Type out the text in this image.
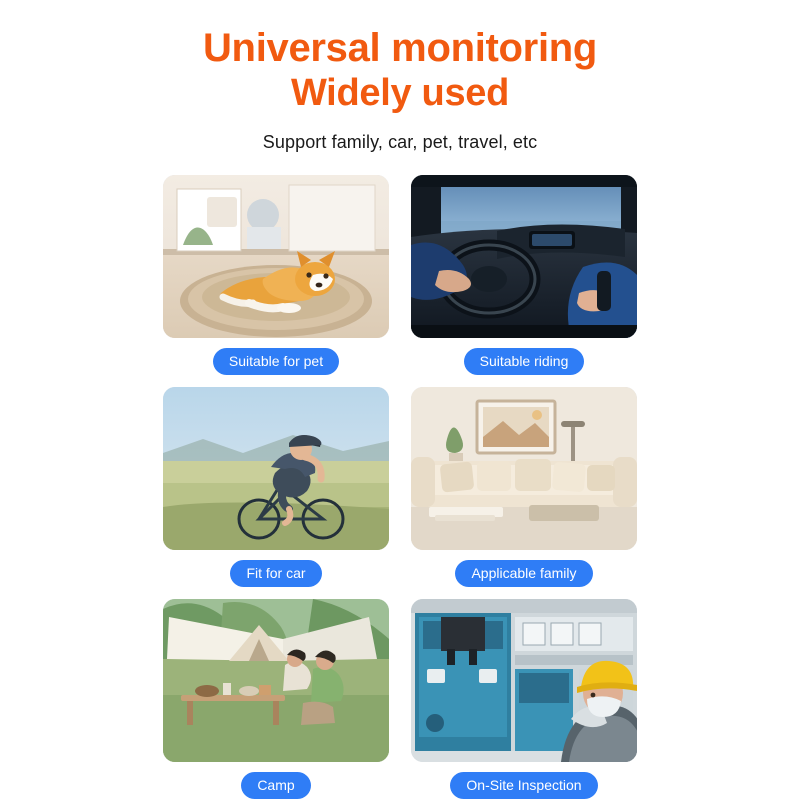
Universal monitoring
Widely used
Support family, car, pet, travel, etc
Suitable for pet	Suitable riding
Fit for car	Applicable family
Camp	On-Site Inspection
